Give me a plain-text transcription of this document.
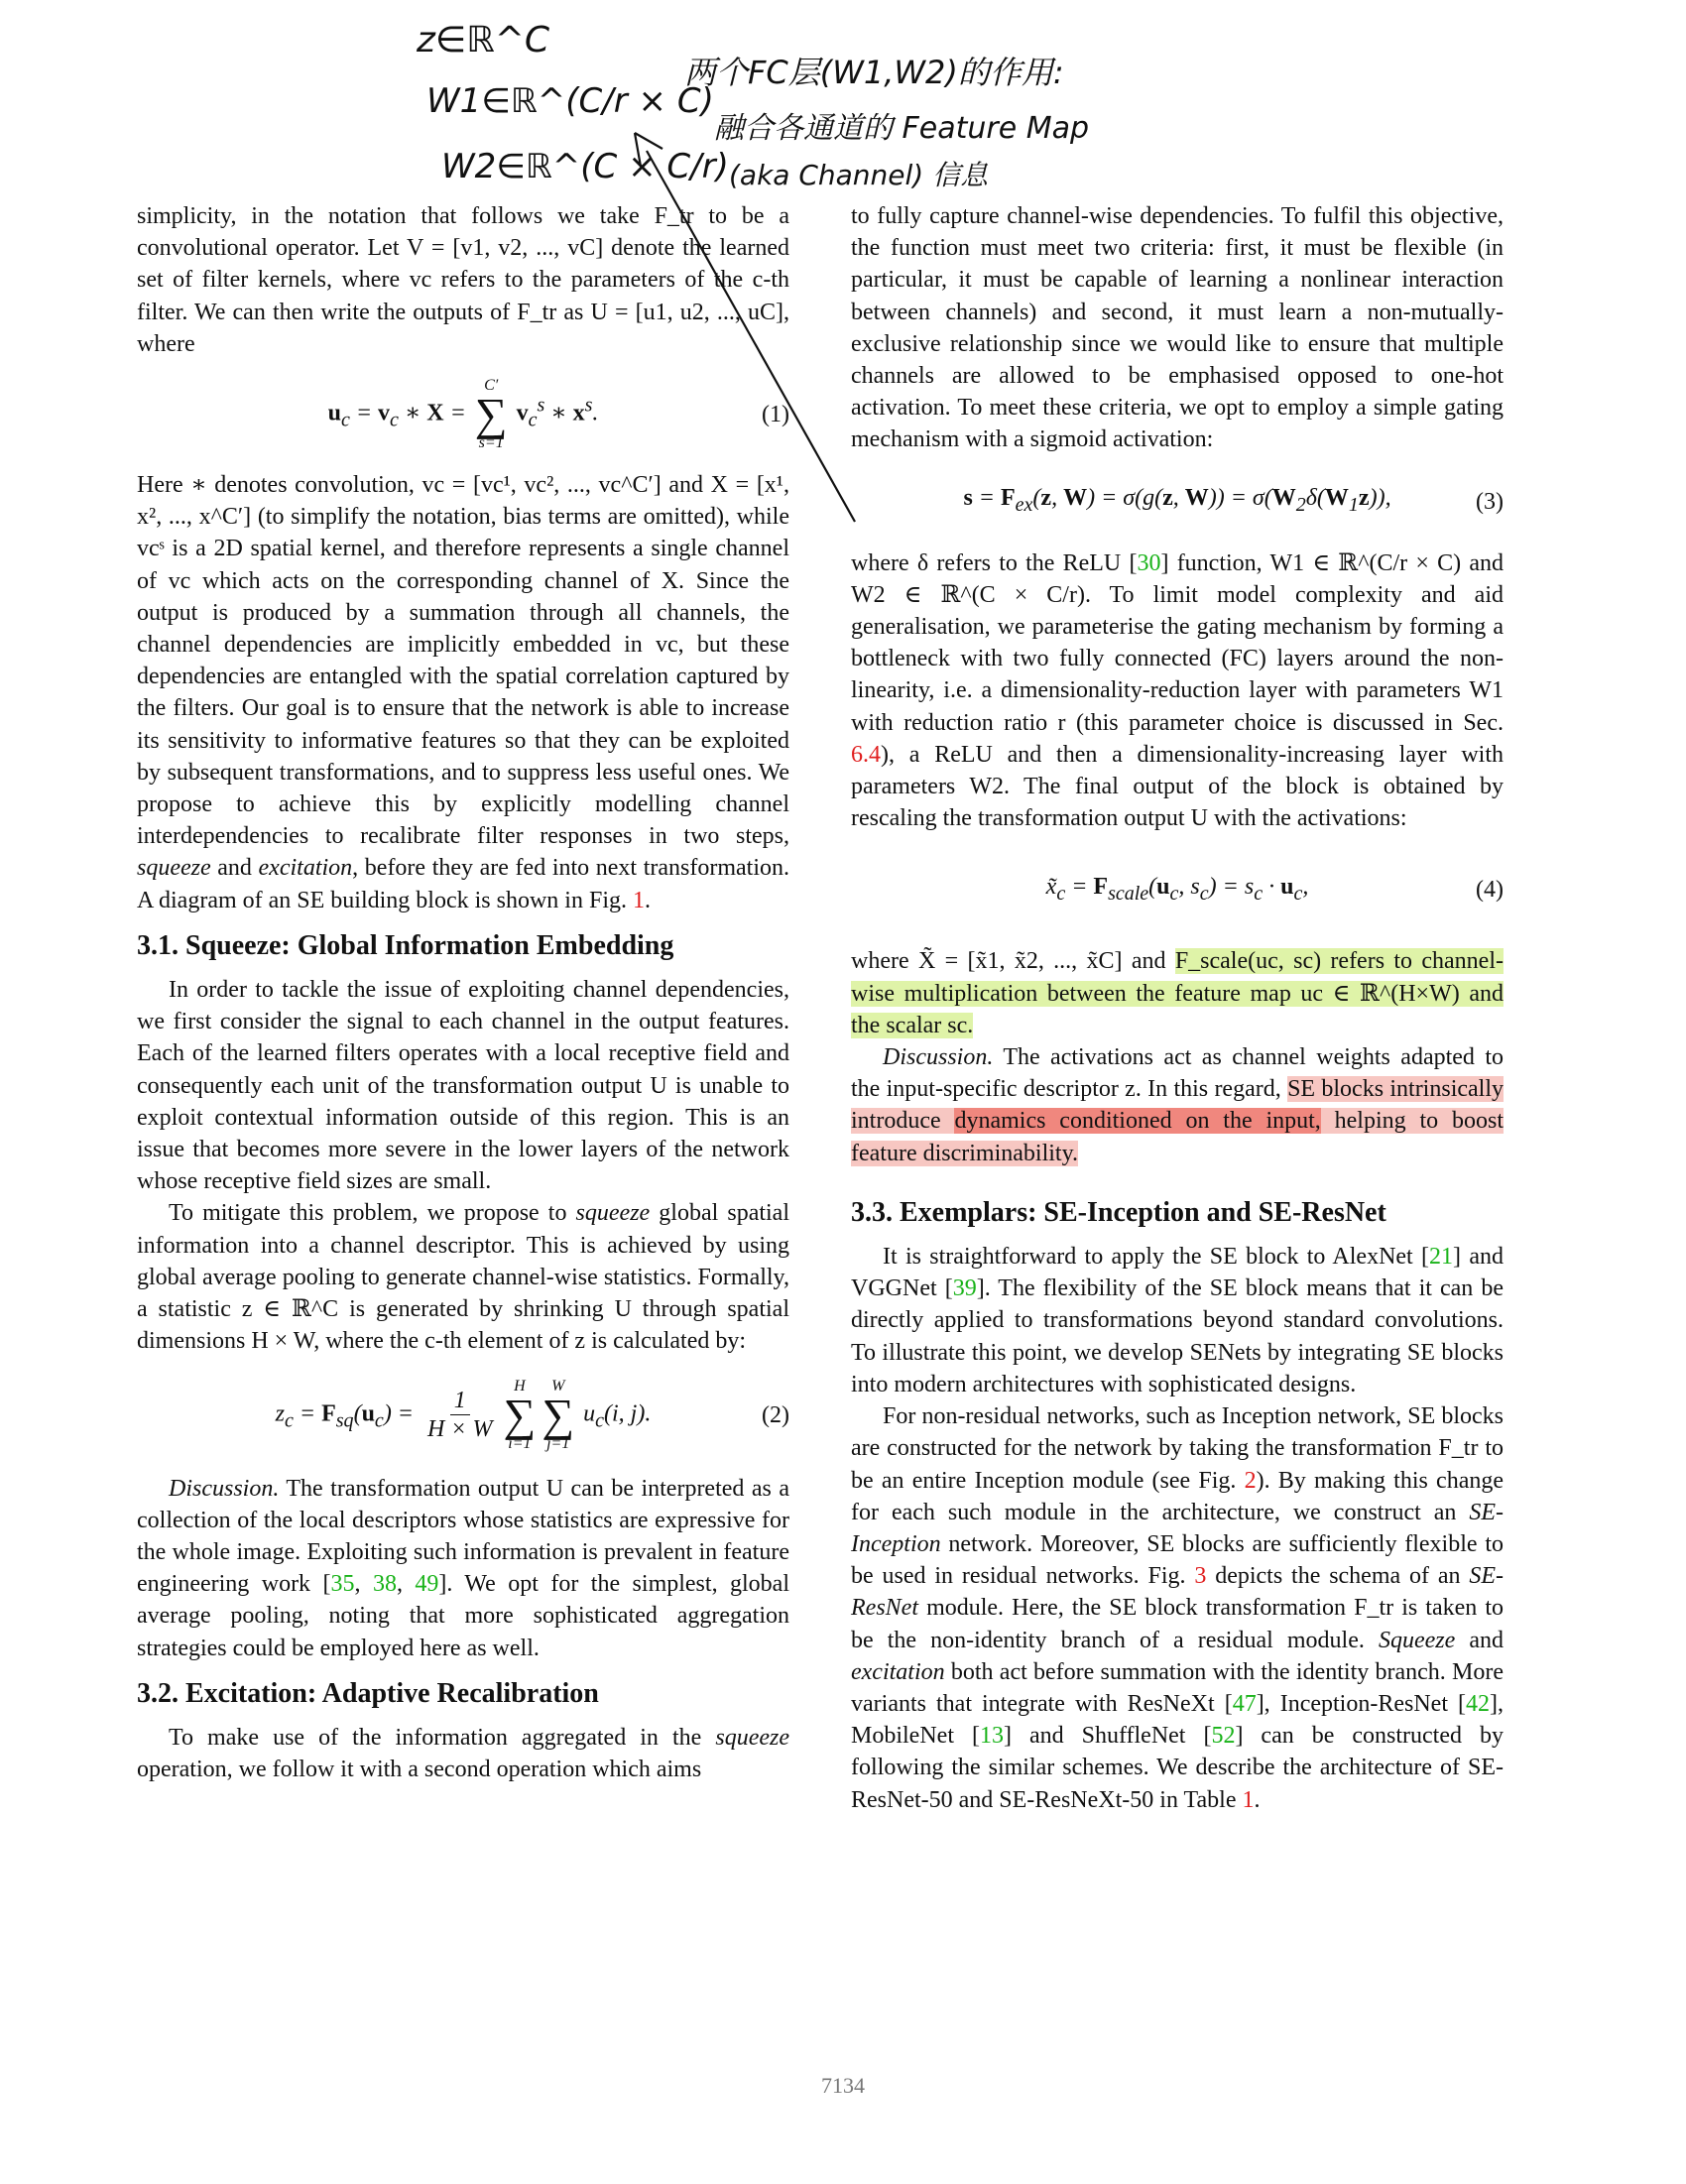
z∈ℝ^C
W1∈ℝ^(C/r × C)
W2∈ℝ^(C × C/r)
两个FC层(W1,W2)的作用:
融合各通道的 Feature Map
(aka Channel) 信息

simplicity, in the notation that follows we take F_tr to be a convolutional operator. Let V = [v1, v2, ..., vC] denote the learned set of filter kernels, where vc refers to the parameters of the c-th filter. We can then write the outputs of F_tr as U = [u1, u2, ..., uC], where

$u_c = v_c$ ∗ X =
C′
∑
s=1
$v_c^s$ ∗ $x^s$.	(1)

Here ∗ denotes convolution, vc = [vc¹, vc², ..., vc^C′] and X = [x¹, x², ..., x^C′] (to simplify the notation, bias terms are omitted), while vcˢ is a 2D spatial kernel, and therefore represents a single channel of vc which acts on the corresponding channel of X. Since the output is produced by a summation through all channels, the channel dependencies are implicitly embedded in vc, but these dependencies are entangled with the spatial correlation captured by the filters. Our goal is to ensure that the network is able to increase its sensitivity to informative features so that they can be exploited by subsequent transformations, and to suppress less useful ones. We propose to achieve this by explicitly modelling channel interdependencies to recalibrate filter responses in two steps, squeeze and excitation, before they are fed into next transformation. A diagram of an SE building block is shown in Fig. 1.

3.1. Squeeze: Global Information Embedding

In order to tackle the issue of exploiting channel dependencies, we first consider the signal to each channel in the output features. Each of the learned filters operates with a local receptive field and consequently each unit of the transformation output U is unable to exploit contextual information outside of this region. This is an issue that becomes more severe in the lower layers of the network whose receptive field sizes are small.

To mitigate this problem, we propose to squeeze global spatial information into a channel descriptor. This is achieved by using global average pooling to generate channel-wise statistics. Formally, a statistic z ∈ ℝ^C is generated by shrinking U through spatial dimensions H × W, where the c-th element of z is calculated by:

$z_c = F_{sq}(u_c) = \frac{1}{H \times W}$
H
∑
i=1
W
∑
j=1
$u_c(i$, j).	(2)

Discussion. The transformation output U can be interpreted as a collection of the local descriptors whose statistics are expressive for the whole image. Exploiting such information is prevalent in feature engineering work [35, 38, 49]. We opt for the simplest, global average pooling, noting that more sophisticated aggregation strategies could be employed here as well.

3.2. Excitation: Adaptive Recalibration

To make use of the information aggregated in the squeeze operation, we follow it with a second operation which aims

to fully capture channel-wise dependencies. To fulfil this objective, the function must meet two criteria: first, it must be flexible (in particular, it must be capable of learning a nonlinear interaction between channels) and second, it must learn a non-mutually-exclusive relationship since we would like to ensure that multiple channels are allowed to be emphasised opposed to one-hot activation. To meet these criteria, we opt to employ a simple gating mechanism with a sigmoid activation:

$s = F_{ex}(z$, W) = σ(g(z, $W)) = \sigma(W_2\delta(W_1z))$,	(3)

where δ refers to the ReLU [30] function, W1 ∈ ℝ^(C/r × C) and W2 ∈ ℝ^(C × C/r). To limit model complexity and aid generalisation, we parameterise the gating mechanism by forming a bottleneck with two fully connected (FC) layers around the non-linearity, i.e. a dimensionality-reduction layer with parameters W1 with reduction ratio r (this parameter choice is discussed in Sec. 6.4), a ReLU and then a dimensionality-increasing layer with parameters W2. The final output of the block is obtained by rescaling the transformation output U with the activations:

$x̃_c = F_{scale}(u_c$, $s_c) = s_c \cdot u_c$,	(4)

where X̃ = [x̃1, x̃2, ..., x̃C] and F_scale(uc, sc) refers to channel-wise multiplication between the feature map uc ∈ ℝ^(H×W) and the scalar sc.

Discussion. The activations act as channel weights adapted to the input-specific descriptor z. In this regard, SE blocks intrinsically introduce dynamics conditioned on the input, helping to boost feature discriminability.

3.3. Exemplars: SE-Inception and SE-ResNet

It is straightforward to apply the SE block to AlexNet [21] and VGGNet [39]. The flexibility of the SE block means that it can be directly applied to transformations beyond standard convolutions. To illustrate this point, we develop SENets by integrating SE blocks into modern architectures with sophisticated designs.

For non-residual networks, such as Inception network, SE blocks are constructed for the network by taking the transformation F_tr to be an entire Inception module (see Fig. 2). By making this change for each such module in the architecture, we construct an SE-Inception network. Moreover, SE blocks are sufficiently flexible to be used in residual networks. Fig. 3 depicts the schema of an SE-ResNet module. Here, the SE block transformation F_tr is taken to be the non-identity branch of a residual module. Squeeze and excitation both act before summation with the identity branch. More variants that integrate with ResNeXt [47], Inception-ResNet [42], MobileNet [13] and ShuffleNet [52] can be constructed by following the similar schemes. We describe the architecture of SE-ResNet-50 and SE-ResNeXt-50 in Table 1.

7134
